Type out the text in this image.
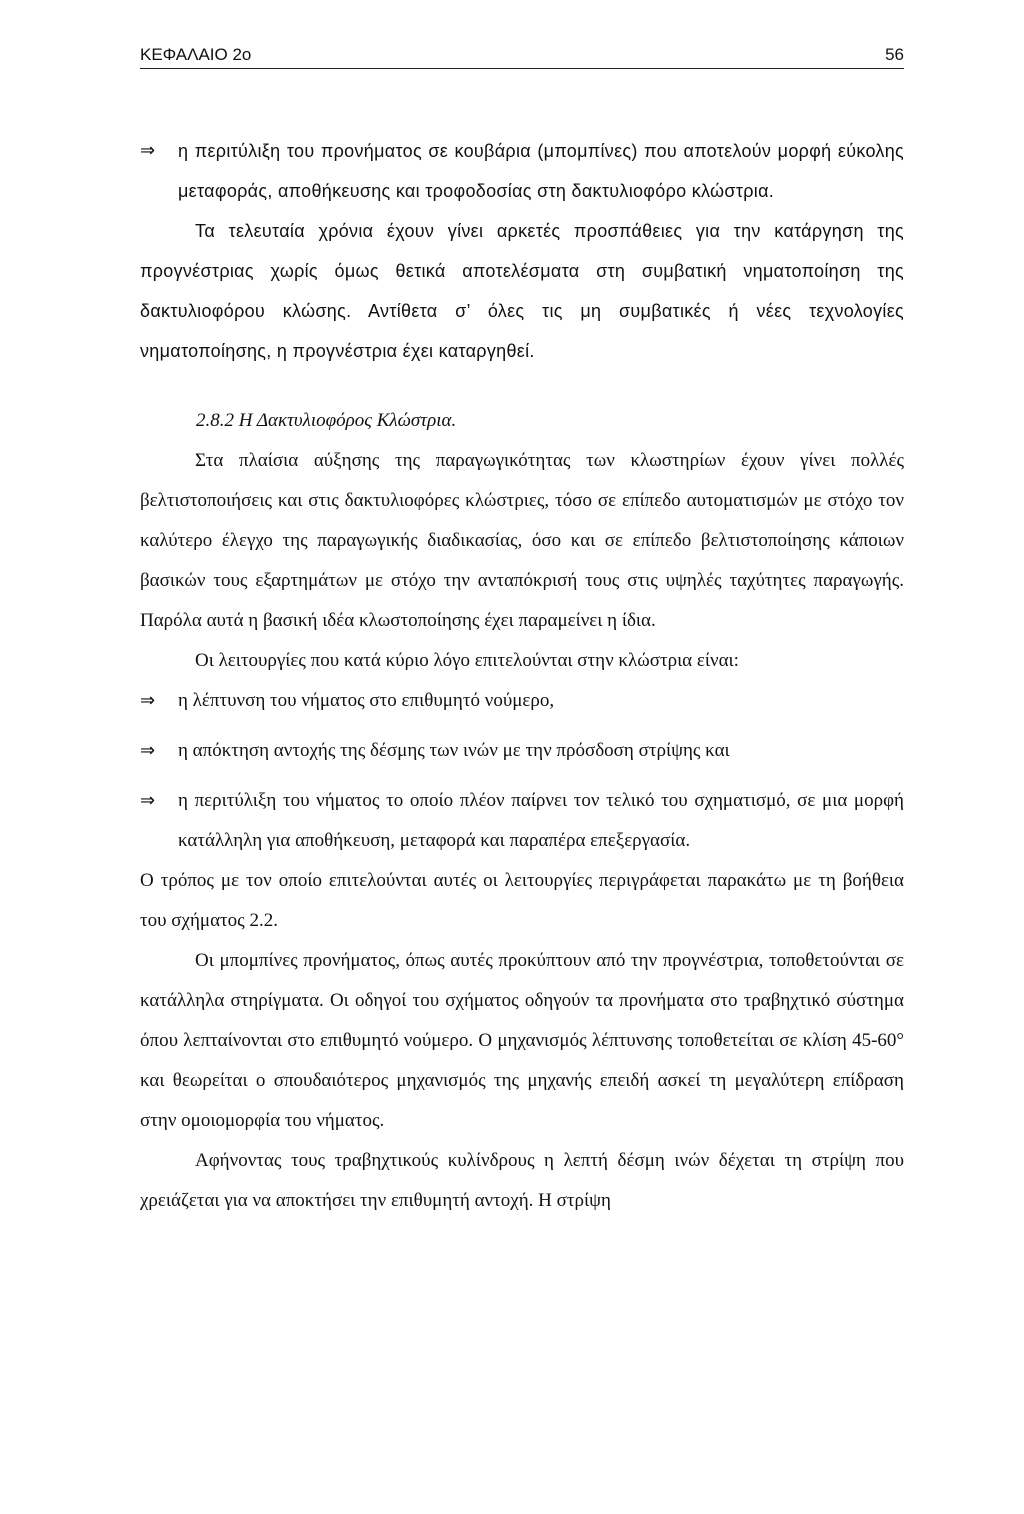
ΚΕΦΑΛΑΙΟ 2ο	56
⇒ η περιτύλιξη του προνήματος σε κουβάρια (μπομπίνες) που αποτελούν μορφή εύκολης μεταφοράς, αποθήκευσης και τροφοδοσίας στη δακτυλιοφόρο κλώστρια.

Τα τελευταία χρόνια έχουν γίνει αρκετές προσπάθειες για την κατάργηση της προγνέστριας χωρίς όμως θετικά αποτελέσματα στη συμβατική νηματοποίηση της δακτυλιοφόρου κλώσης. Αντίθετα σ’ όλες τις μη συμβατικές ή νέες τεχνολογίες νηματοποίησης, η προγνέστρια έχει καταργηθεί.

2.8.2 Η Δακτυλιοφόρος Κλώστρια.

Στα πλαίσια αύξησης της παραγωγικότητας των κλωστηρίων έχουν γίνει πολλές βελτιστοποιήσεις και στις δακτυλιοφόρες κλώστριες, τόσο σε επίπεδο αυτοματισμών με στόχο τον καλύτερο έλεγχο της παραγωγικής διαδικασίας, όσο και σε επίπεδο βελτιστοποίησης κάποιων βασικών τους εξαρτημάτων με στόχο την ανταπόκρισή τους στις υψηλές ταχύτητες παραγωγής. Παρόλα αυτά η βασική ιδέα κλωστοποίησης έχει παραμείνει η ίδια.

Οι λειτουργίες που κατά κύριο λόγο επιτελούνται στην κλώστρια είναι:

⇒ η λέπτυνση του νήματος στο επιθυμητό νούμερο,
⇒ η απόκτηση αντοχής της δέσμης των ινών με την πρόσδοση στρίψης και
⇒ η περιτύλιξη του νήματος το οποίο πλέον παίρνει τον τελικό του σχηματισμό, σε μια μορφή κατάλληλη για αποθήκευση, μεταφορά και παραπέρα επεξεργασία.

Ο τρόπος με τον οποίο επιτελούνται αυτές οι λειτουργίες περιγράφεται παρακάτω με τη βοήθεια του σχήματος 2.2.

Οι μπομπίνες προνήματος, όπως αυτές προκύπτουν από την προγνέστρια, τοποθετούνται σε κατάλληλα στηρίγματα. Οι οδηγοί του σχήματος οδηγούν τα προνήματα στο τραβηχτικό σύστημα όπου λεπταίνονται στο επιθυμητό νούμερο. Ο μηχανισμός λέπτυνσης τοποθετείται σε κλίση 45-60° και θεωρείται ο σπουδαιότερος μηχανισμός της μηχανής επειδή ασκεί τη μεγαλύτερη επίδραση στην ομοιομορφία του νήματος.

Αφήνοντας τους τραβηχτικούς κυλίνδρους η λεπτή δέσμη ινών δέχεται τη στρίψη που χρειάζεται για να αποκτήσει την επιθυμητή αντοχή. Η στρίψη
